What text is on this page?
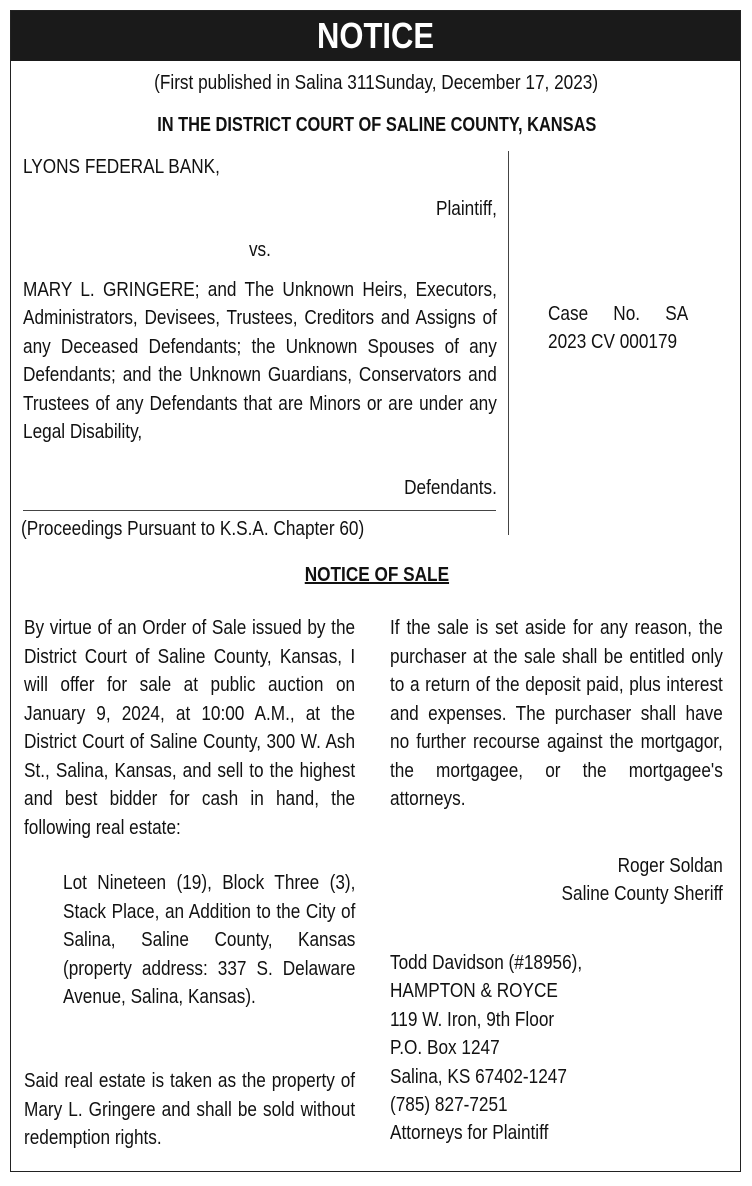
NOTICE
(First published in Salina 311Sunday, December 17, 2023)
IN THE DISTRICT COURT OF SALINE COUNTY, KANSAS
LYONS FEDERAL BANK,
Plaintiff,
vs.
MARY L. GRINGERE; and The Unknown Heirs, Executors, Administrators, Devisees, Trustees, Creditors and Assigns of any Deceased Defendants; the Unknown Spouses of any Defendants; and the Unknown Guardians, Conservators and Trustees of any Defendants that are Minors or are under any Legal Disability,
Defendants.
Case No. SA 2023 CV 000179
(Proceedings Pursuant to K.S.A. Chapter 60)
NOTICE OF SALE
By virtue of an Order of Sale issued by the District Court of Saline County, Kansas, I will offer for sale at public auction on January 9, 2024, at 10:00 A.M., at the District Court of Saline County, 300 W. Ash St., Salina, Kansas, and sell to the highest and best bidder for cash in hand, the following real estate:
Lot Nineteen (19), Block Three (3), Stack Place, an Addition to the City of Salina, Saline County, Kansas (property address: 337 S. Delaware Avenue, Salina, Kansas).
Said real estate is taken as the property of Mary L. Gringere and shall be sold without redemption rights.
If the sale is set aside for any reason, the purchaser at the sale shall be entitled only to a return of the deposit paid, plus interest and expenses. The purchaser shall have no further recourse against the mortgagor, the mortgagee, or the mortgagee's attorneys.
Roger Soldan
Saline County Sheriff
Todd Davidson (#18956),
HAMPTON & ROYCE
119 W. Iron, 9th Floor
P.O. Box 1247
Salina, KS 67402-1247
(785) 827-7251
Attorneys for Plaintiff
